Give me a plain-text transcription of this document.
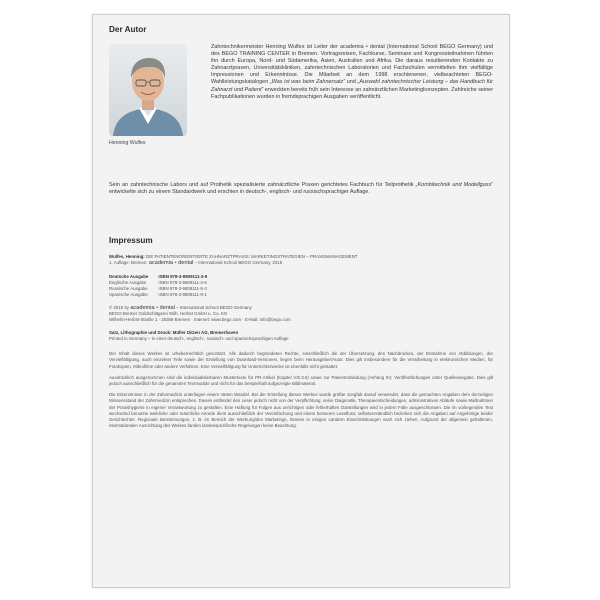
Der Autor
Henning Wulfes
Zahntechnikermeister Henning Wulfes ist Leiter der academia • dental (International School BEGO Germany) und des BEGO TRAINING CENTER in Bremen. Vortragsreisen, Fachkurse, Seminare und Kongressteilnahmen führten ihn durch Europa, Nord- und Südamerika, Asien, Australien und Afrika. Die daraus resultierenden Kontakte zu Zahnarztpraxen, Universitätskliniken, zahntechnischen Laboratorien und Fachschulen vermittelten ihm vielfältige Impressionen und Erkenntnisse. Die Mitarbeit an dem 1998 erschienenen, vielbeachteten BEGO-Wahlleistungskatalogen „Was ist was beim Zahnersatz“ und „Auswahl zahntechnischer Leistung – das Handbuch für Zahnarzt und Patient“ erweckten bereits früh sein Interesse an zahnärztlichen Marketingkonzepten. Zahlreiche seiner Fachpublikationen wurden in fremdsprachigen Ausgaben veröffentlicht.
Sein an zahntechnische Labors und auf Prothetik spezialisierte zahnärztliche Praxen gerichtetes Fachbuch für Teilprothetik „Kombitechnik und Modellguss“ entwickelte sich zu einem Standardwerk und erschien in deutsch-, englisch- und russischsprachiger Auflage.
Impressum
Wulfes, Henning: DIE PATIENTENORIENTIERTE ZAHNARZTPRAXIS: MARKETINGSTRATEGIEN – PRAXISMANAGEMENT
1. Auflage; Bremen: academia • dental – International School BEGO Germany, 2015
Deutsche Ausgabe	ISBN 978-3-9809111-3-9
Englische Ausgabe	ISBN 978-3-9809111-4-6
Russische Ausgabe	ISBN 978-3-9809111-5-3
Spanische Ausgabe	ISBN 978-3-9809111-9-1
© 2015 by academia • dental – International School BEGO Germany
BEGO Bremer Goldschlägerei Wilh. Herbst GmbH u. Co. KG
Wilhelm-Herbst-Straße 1 · 28359 Bremen · Internet: www.bego.com · E-Mail: info@bego.com
Satz, Lithographie und Druck: Müller Ditzen AG, Bremerhaven
Printed in Germany – in einer deutsch-, englisch-, russisch- und spanischsprachigen Auflage
Der Inhalt dieses Werkes ist urheberrechtlich geschützt. Alle dadurch begründeten Rechte, einschließlich die der Übersetzung, des Nachdruckes, der Entnahme von Abbildungen, der Vervielfältigung, auch einzelner Teile sowie der Erstellung von Download-Versionen, liegen beim Herausgeber/Autor. Dies gilt insbesondere für die Verarbeitung in elektronischen Medien, für Fotokopien, Mikrofilme oder andere Verfahren. Eine Vervielfältigung für Unterrichtszwecke ist ebenfalls nicht gestattet.
Ausdrücklich ausgenommen sind die individualisierbaren Mustertexte für PR-Artikel (Kapitel V/5.3.6) sowie zur Patientenbindung (Anhang III): Veröffentlichungen unter Quellenangabe. Dies gilt jedoch ausschließlich für die genannten Textmodule und nicht für das beispielhaft aufgezeigte Bildmaterial.
Die Erkenntnisse in der Zahnmedizin unterliegen einem steten Wandel. Bei der Erstellung dieses Werkes wurde größte Sorgfalt darauf verwendet, dass die gemachten Angaben dem derzeitigen Wissensstand der Zahnmedizin entsprechen. Dieses entbindet den Leser jedoch nicht von der Verpflichtung, seine Diagnostik, Therapieentscheidungen, administrativen Abläufe sowie Maßnahmen der Praxishygiene in eigener Verantwortung zu gestalten. Eine Haftung für Folgen aus unrichtigen oder fehlerhaften Darstellungen wird in jedem Falle ausgeschlossen. Die im vorliegenden Text wechselnd benutzte weibliche oder männliche Anrede dient ausschließlich der Vereinfachung und einem besseren Lesefluss; selbstverständlich beziehen sich die Angaben auf Angehörige beider Geschlechter. Regionale Bestimmungen, z. B. im Bereich der Werbung/des Marketings, können in einigen Ländern Einschränkungen nach sich ziehen. Aufgrund der allgemein gehaltenen, internationalen Ausrichtung des Werkes fanden landesspezifische Regelungen keine Beachtung.
